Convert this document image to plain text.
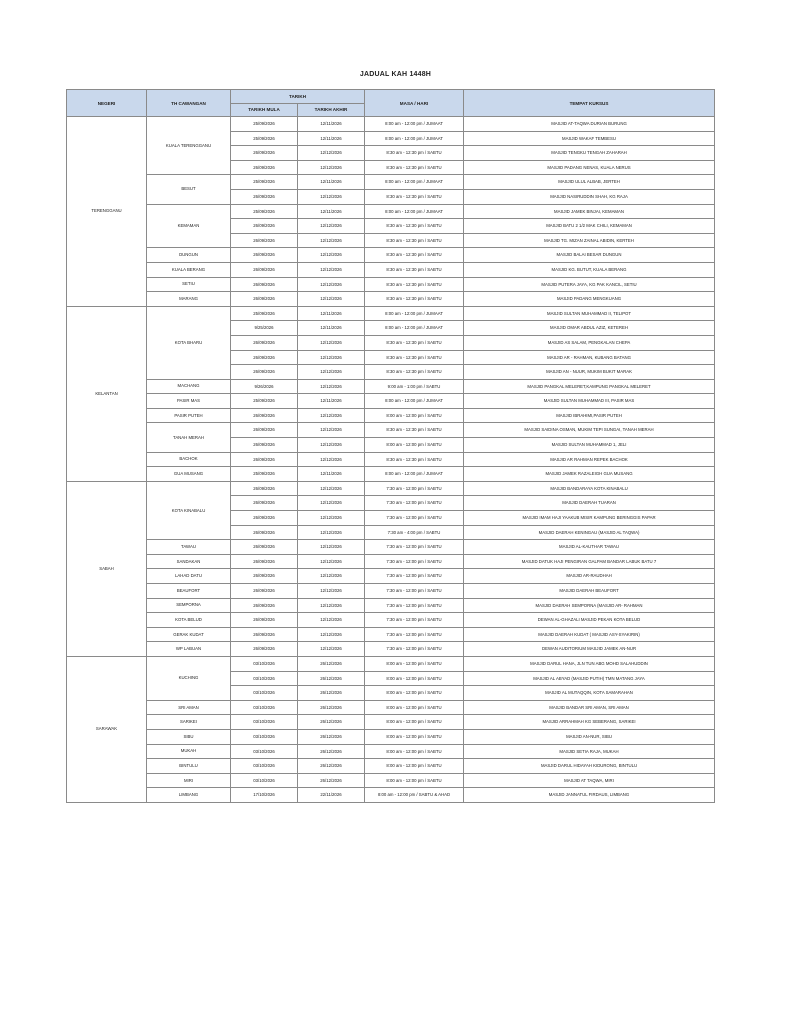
JADUAL KAH 1448H
NEGERI	TH CAWANGAN	TARIKH		MASA / HARI	TEMPAT KURSUS
		TARIKH MULA	TARIKH AKHIR		
TERENGGANU	KUALA TERENGGANU	25/09/2026	12/11/2026	8:00 am - 12:00 pm / JUMAAT	MASJID AT-TAQWA DURIAN BURUNG
		25/09/2026	12/11/2026	8:00 am - 12:00 pm / JUMAAT	MASJID WAKAF TEMBESU
		26/09/2026	12/12/2026	8:30 am - 12:30 pm / SABTU	MASJID TENGKU TENGAH ZAHARAH
		26/09/2026	12/12/2026	8:30 am - 12:30 pm / SABTU	MASJID PADANG NENAS, KUALA NERUS
	BESUT	25/09/2026	12/11/2026	8:00 am - 12:00 pm / JUMAAT	MASJID ULUL ALBAB, JERTEH
		26/09/2026	12/12/2026	8:30 am - 12:30 pm / SABTU	MASJID NASIRUDDIN SHAH, KG RAJA
	KEMAMAN	25/09/2026	12/11/2026	8:00 am - 12:00 pm / JUMAAT	MASJID JAMEK BINJAI, KEMAMAN
		26/09/2026	12/12/2026	8:30 am - 12:30 pm / SABTU	MASJID BATU 2 1/2 MAK CHILI, KEMAMAN
		26/09/2026	12/12/2026	8:30 am - 12:30 pm / SABTU	MASJID TG. MIZAN ZAINAL ABIDIN, KERTEH
	DUNGUN	26/09/2026	12/12/2026	8:30 am - 12:30 pm / SABTU	MASJID BALAI BESAR DUNGUN
	KUALA BERANG	26/09/2026	12/12/2026	8:30 am - 12:30 pm / SABTU	MASJID KG. BUTUT, KUALA BERANG
	SETIU	26/09/2026	12/12/2026	8:30 am - 12:30 pm / SABTU	MASJID PUTERA JAYA, KG PAK KANCIL, SETIU
	MARANG	26/09/2026	12/12/2026	8:30 am - 12:30 pm / SABTU	MASJID PADANG MENGKUANG
KELANTAN	KOTA BHARU	25/09/2026	12/11/2026	8:00 am - 12:00 pm / JUMAAT	MASJID SULTAN MUHAMMAD II, TELIPOT
		9/25/2026	12/11/2026	8:00 am - 12:00 pm / JUMAAT	MASJID OMAR ABDUL AZIZ, KETEREH
		26/09/2026	12/12/2026	8:30 am - 12:30 pm / SABTU	MASJID AS SALAM, PENGKALAN CHEPA
		26/09/2026	12/12/2026	8:30 am - 12:30 pm / SABTU	MASJID AR - RAHMAN, KUBANG BATANG
		26/09/2026	12/12/2026	8:30 am - 12:30 pm / SABTU	MASJID AN - NUUR, MUKIM BUKIT MARAK
	MACHANG	9/26/2026	12/12/2026	9:00 am - 1:00 pm / SABTU	MASJID PANGKAL MELERET,KAMPUNG PANGKAL MELERET
	PASIR MAS	25/09/2026	12/11/2026	8:00 am - 12:00 pm / JUMAAT	MASJID SULTAN MUHAMMAD III, PASIR MAS
	PASIR PUTEH	26/09/2026	12/12/2026	8:00 am - 12:00 pm / SABTU	MASJID IBRAHIMI,PASIR PUTEH
	TANAH MERAH	26/09/2026	12/12/2026	8:30 am - 12:30 pm / SABTU	MASJID SAIDINA OSMAN, MUKIM TEPI SUNGAI, TANAH MERAH
		26/09/2026	12/12/2026	8:00 am - 12:00 pm / SABTU	MASJID SULTAN MUHAMMAD 1, JELI
	BACHOK	26/09/2026	12/12/2026	8:30 am - 12:30 pm / SABTU	MASJID AR RAHMAN REPEK BACHOK
	GUA MUSANG	25/09/2026	12/11/2026	8:00 am - 12:00 pm / JUMAAT	MASJID JAMEK RAZALEIGH GUA MUSANG
SABAH	KOTA KINABALU	26/09/2026	12/12/2026	7:30 am - 12:00 pm / SABTU	MASJID BANDARAYA KOTA KINABALU
		26/09/2026	12/12/2026	7:30 am - 12:00 pm / SABTU	MASJID DAERAH TUARAN
		26/09/2026	12/12/2026	7:30 am - 12:00 pm / SABTU	MASJID IMAM HAJI YAAKUB MISIR KAMPUNG BERINGGIS PAPAR
		26/09/2026	12/12/2026	7:30 am - 4:00 pm / SABTU	MASJID DAERAH KENINGAU (MASJID AL TAQWA)
	TAWAU	26/09/2026	12/12/2026	7:30 am - 12:00 pm / SABTU	MASJID AL-KAUTHAR TAWAU
	SANDAKAN	26/09/2026	12/12/2026	7:30 am - 12:00 pm / SABTU	MASJID DATUK HAJI PENGIRAN GALPAM BANDAR LABUK BATU 7
	LAHAD DATU	26/09/2026	12/12/2026	7:30 am - 12:00 pm / SABTU	MASJID AR-RAUDHAH
	BEAUFORT	26/09/2026	12/12/2026	7:30 am - 12:00 pm / SABTU	MASJID DAERAH BEAUFORT
	SEMPORNA	26/09/2026	12/12/2026	7:30 am - 12:00 pm / SABTU	MASJID DAERAH SEMPORNA (MASJID AR- RAHMAN
	KOTA BELUD	26/09/2026	12/12/2026	7:30 am - 12:00 pm / SABTU	DEWAN AL-GHAZALI MASJID PEKAN KOTA BELUD
	GERAK KUDAT	26/09/2026	12/12/2026	7:30 am - 12:00 pm / SABTU	MASJID DAERAH KUDAT ( MASJID ASY-SYAKIRIN)
	WP LABUAN	26/09/2026	12/12/2026	7:30 am - 12:00 pm / SABTU	DEWAN AUDITORIUM MASJID JAMEK AN-NUR
SARAWAK	KUCHING	03/10/2026	26/12/2026	8:00 am - 12:00 pm / SABTU	MASJID DARUL HANA, JLN TUN ABG MOHD SALAHUDDIN
		03/10/2026	26/12/2026	8:00 am - 12:00 pm / SABTU	MASJID AL ABYAD (MASJID PUTIH) TMN MATANG JAYA
		03/10/2026	26/12/2026	8:00 am - 12:00 pm / SABTU	MASJID AL MUTAQQIN, KOTA SAMARAHAN
	SRI AMAN	03/10/2026	26/12/2026	8:00 am - 12:00 pm / SABTU	MASJID BANDAR SRI AMAN, SRI AMAN
	SARIKEI	03/10/2026	26/12/2026	8:00 am - 12:00 pm / SABTU	MASJID ARRAHMAH KG SEBERANG, SARIKEI
	SIBU	03/10/2026	26/12/2026	8:00 am - 12:00 pm / SABTU	MASJID AN-NUR, SIBU
	MUKAH	03/10/2026	26/12/2026	8:00 am - 12:00 pm / SABTU	MASJID SETIA RAJA, MUKAH
	BINTULU	03/10/2026	26/12/2026	8:00 am - 12:00 pm / SABTU	MASJID DARUL HIDAYAH KIDURONG, BINTULU
	MIRI	03/10/2026	26/12/2026	8:00 am - 12:00 pm / SABTU	MASJID AT TAQWA, MIRI
	LIMBANG	17/10/2026	22/11/2026	8:00 am - 12:00 pm / SABTU & AHAD	MASJID JANNATUL FIRDAUS, LIMBANG
